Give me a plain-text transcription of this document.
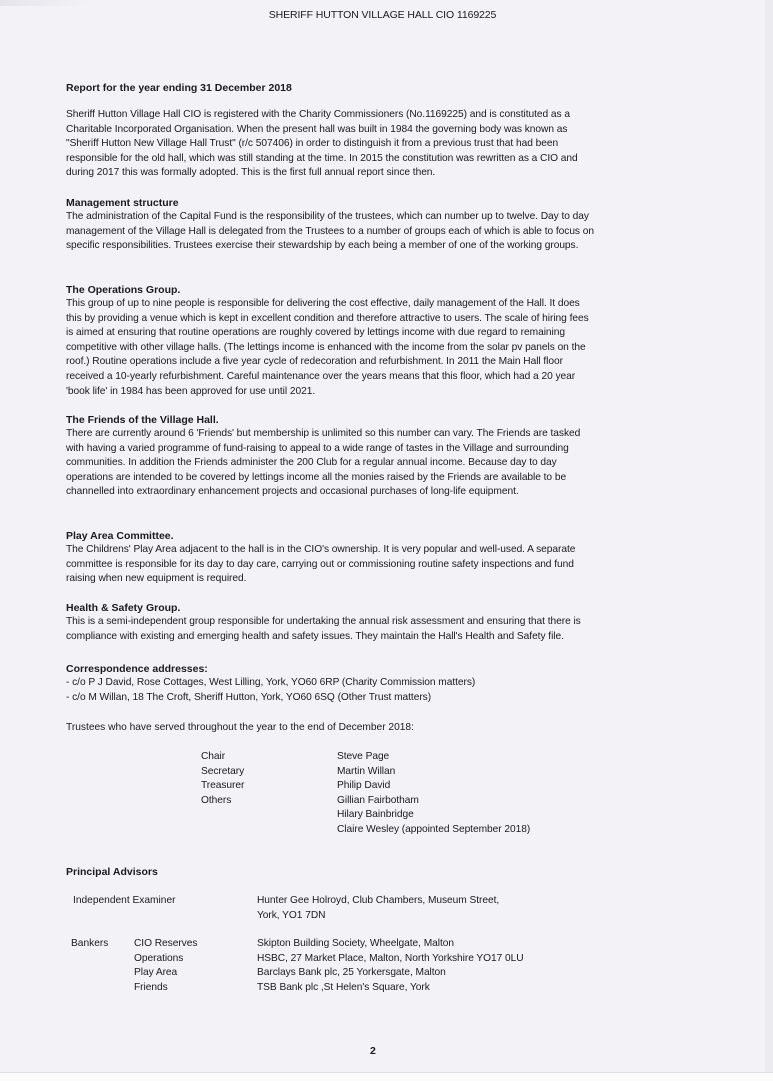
SHERIFF HUTTON VILLAGE HALL CIO 1169225
Report for the year ending 31 December 2018
Sheriff Hutton Village Hall CIO is registered with the Charity Commissioners (No.1169225) and is constituted as a
Charitable Incorporated Organisation. When the present hall was built in 1984 the governing body was known as
"Sheriff Hutton New Village Hall Trust" (r/c 507406) in order to distinguish it from a previous trust that had been
responsible for the old hall, which was still standing at the time. In 2015 the constitution was rewritten as a CIO and
during 2017 this was formally adopted. This is the first full annual report since then.
Management structure
The administration of the Capital Fund is the responsibility of the trustees, which can number up to twelve. Day to day
management of the Village Hall is delegated from the Trustees to a number of groups each of which is able to focus on
specific responsibilities. Trustees exercise their stewardship by each being a member of one of the working groups.
The Operations Group.
This group of up to nine people is responsible for delivering the cost effective, daily management of the Hall. It does
this by providing a venue which is kept in excellent condition and therefore attractive to users. The scale of hiring fees
is aimed at ensuring that routine operations are roughly covered by lettings income with due regard to remaining
competitive with other village halls. (The lettings income is enhanced with the income from the solar pv panels on the
roof.) Routine operations include a five year cycle of redecoration and refurbishment. In 2011 the Main Hall floor
received a 10-yearly refurbishment. Careful maintenance over the years means that this floor, which had a 20 year
'book life' in 1984 has been approved for use until 2021.
The Friends of the Village Hall.
There are currently around 6 'Friends' but membership is unlimited so this number can vary. The Friends are tasked
with having a varied programme of fund-raising to appeal to a wide range of tastes in the Village and surrounding
communities. In addition the Friends administer the 200 Club for a regular annual income. Because day to day
operations are intended to be covered by lettings income all the monies raised by the Friends are available to be
channelled into extraordinary enhancement projects and occasional purchases of long-life equipment.
Play Area Committee.
The Childrens' Play Area adjacent to the hall is in the CIO's ownership. It is very popular and well-used. A separate
committee is responsible for its day to day care, carrying out or commissioning routine safety inspections and fund
raising when new equipment is required.
Health & Safety Group.
This is a semi-independent group responsible for undertaking the annual risk assessment and ensuring that there is
compliance with existing and emerging health and safety issues. They maintain the Hall's Health and Safety file.
Correspondence addresses:
- c/o P J David, Rose Cottages, West Lilling, York, YO60 6RP (Charity Commission matters)
- c/o M Willan, 18 The Croft, Sheriff Hutton, York, YO60 6SQ (Other Trust matters)
Trustees who have served throughout the year to the end of December 2018:
Chair
Secretary
Treasurer
Others
Steve Page
Martin Willan
Philip David
Gillian Fairbotham
Hilary Bainbridge
Claire Wesley (appointed September 2018)
Principal Advisors
Independent Examiner	Hunter Gee Holroyd, Club Chambers, Museum Street,
York, YO1 7DN
Bankers	CIO Reserves
Operations
Play Area
Friends
Skipton Building Society, Wheelgate, Malton
HSBC, 27 Market Place, Malton, North Yorkshire YO17 0LU
Barclays Bank plc, 25 Yorkersgate, Malton
TSB Bank plc ,St Helen's Square, York
2
